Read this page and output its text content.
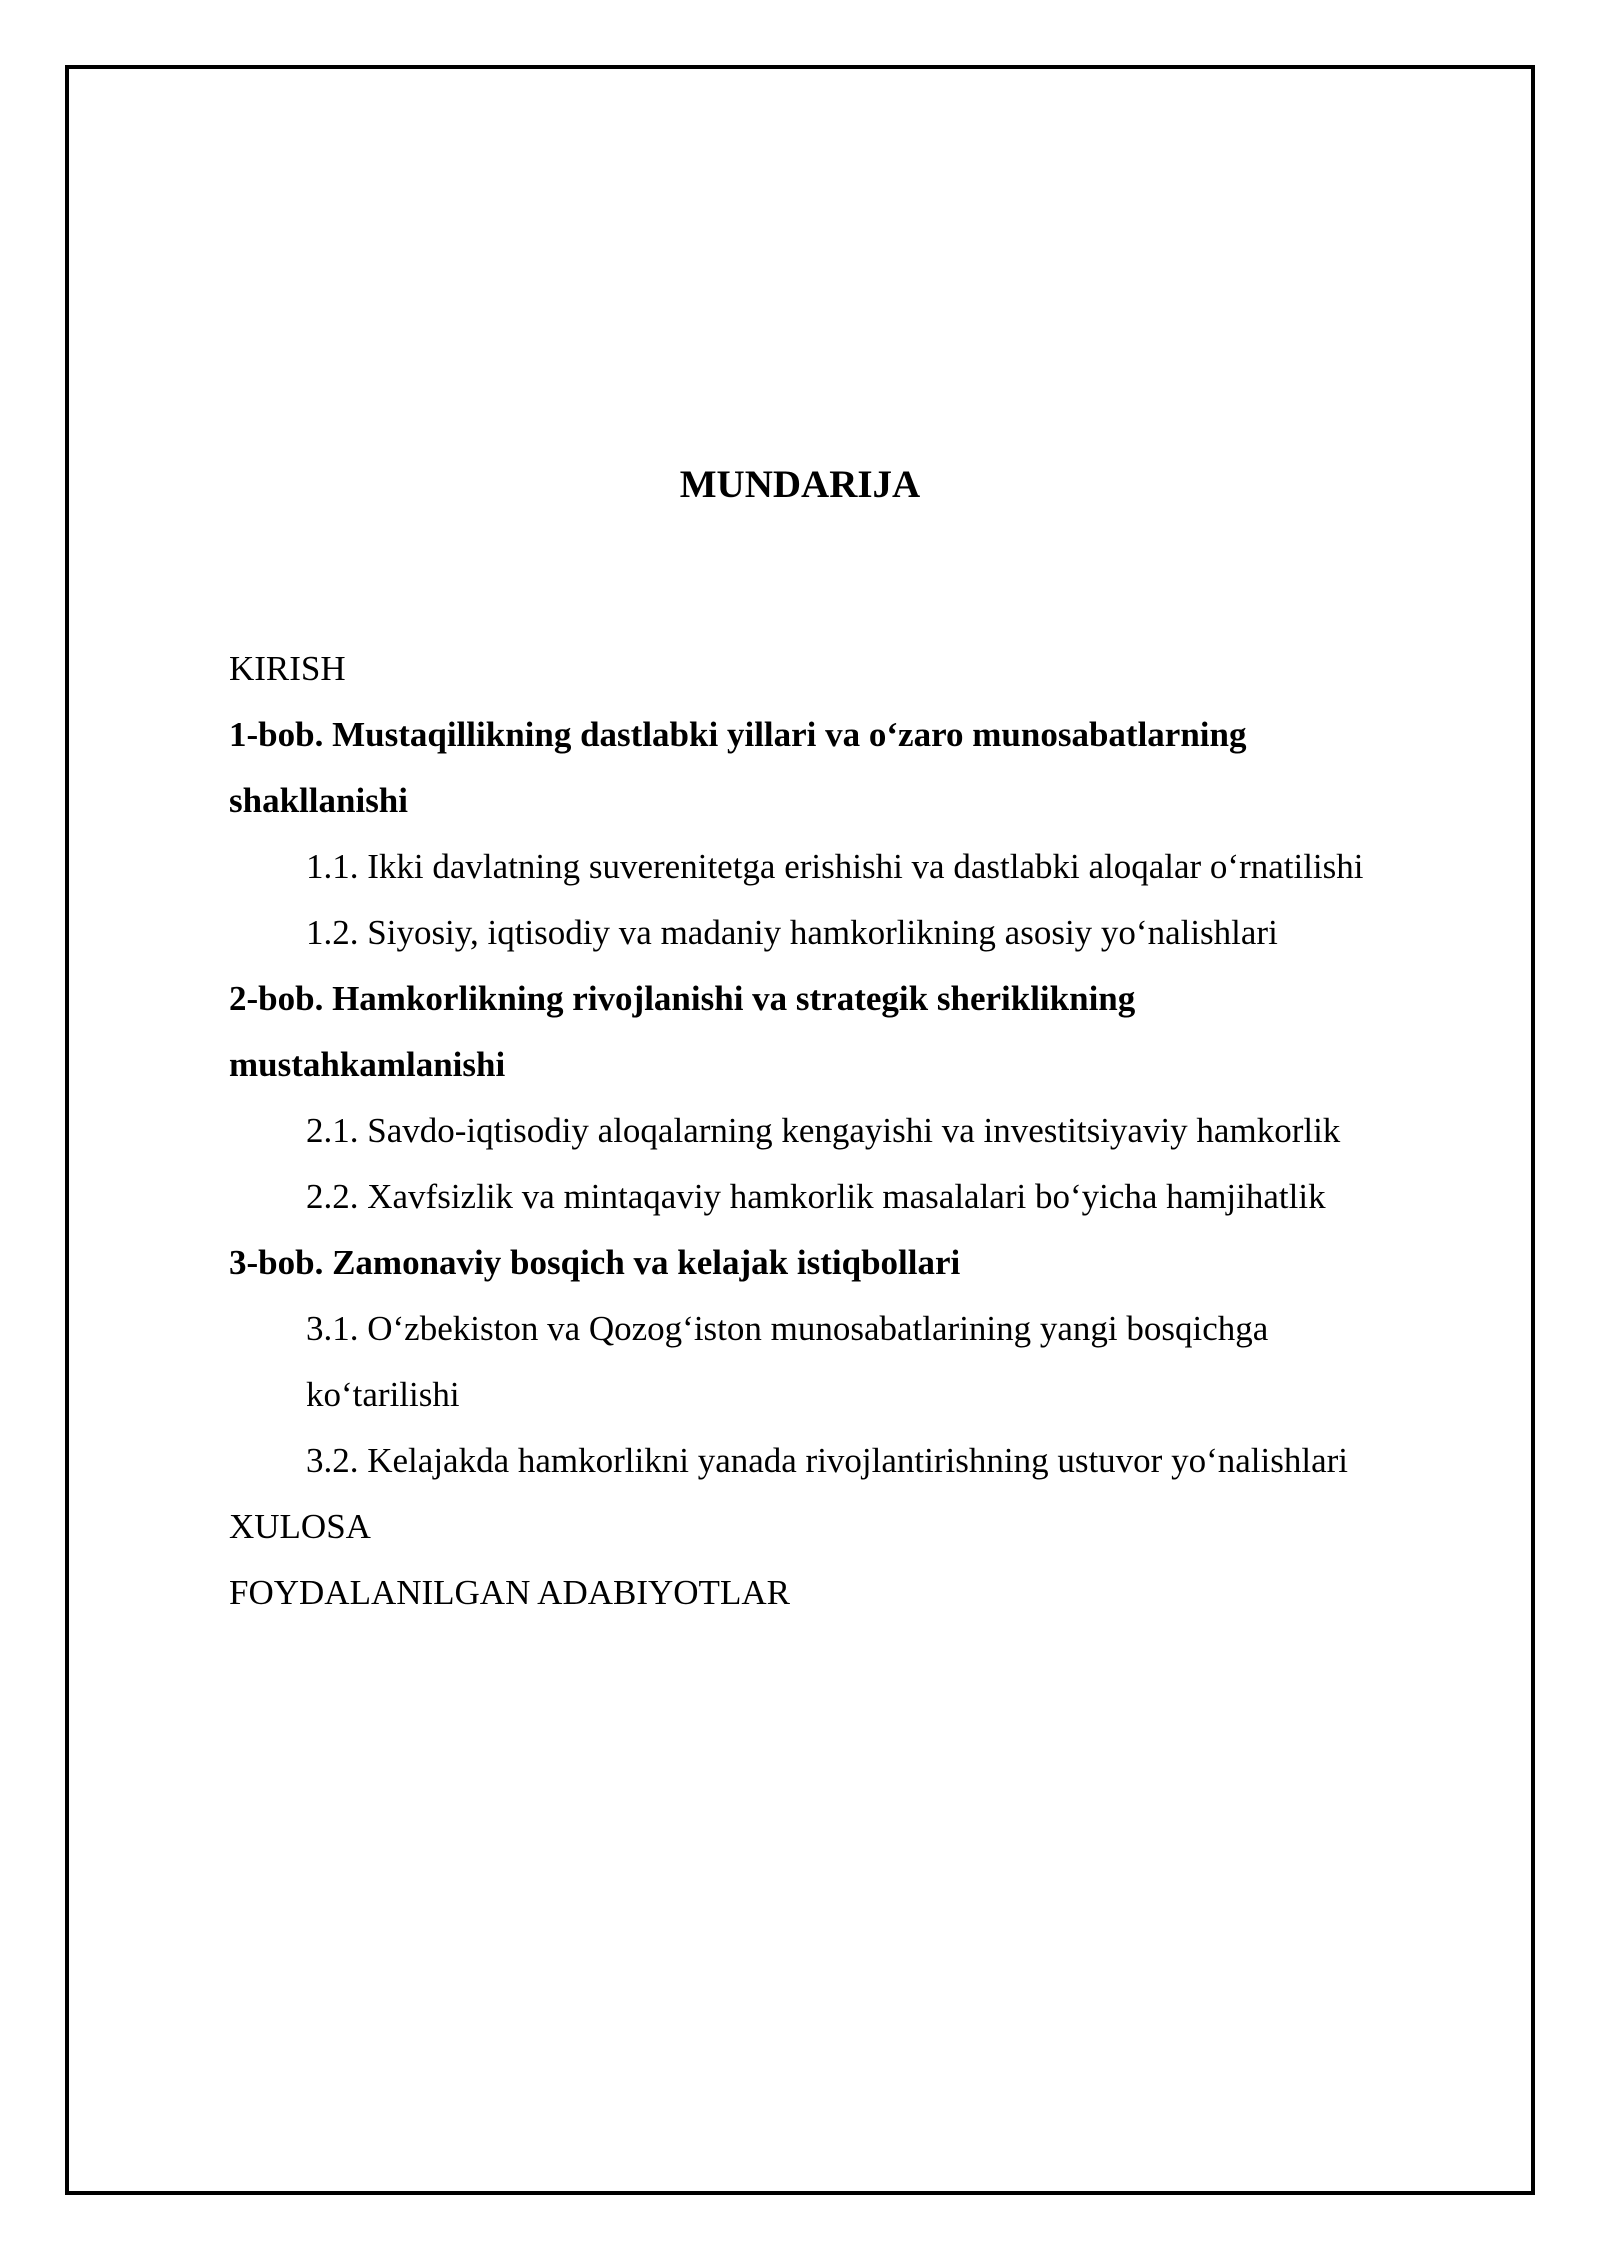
MUNDARIJA
KIRISH
1-bob. Mustaqillikning dastlabki yillari va o‘zaro munosabatlarning shakllanishi
1.1. Ikki davlatning suverenitetga erishishi va dastlabki aloqalar o‘rnatilishi
1.2. Siyosiy, iqtisodiy va madaniy hamkorlikning asosiy yo‘nalishlari
2-bob. Hamkorlikning rivojlanishi va strategik sheriklikning mustahkamlanishi
2.1. Savdo-iqtisodiy aloqalarning kengayishi va investitsiyaviy hamkorlik
2.2. Xavfsizlik va mintaqaviy hamkorlik masalalari bo‘yicha hamjihatlik
3-bob. Zamonaviy bosqich va kelajak istiqbollari
3.1. O‘zbekiston va Qozog‘iston munosabatlarining yangi bosqichga ko‘tarilishi
3.2. Kelajakda hamkorlikni yanada rivojlantirishning ustuvor yo‘nalishlari
XULOSA
FOYDALANILGAN ADABIYOTLAR
